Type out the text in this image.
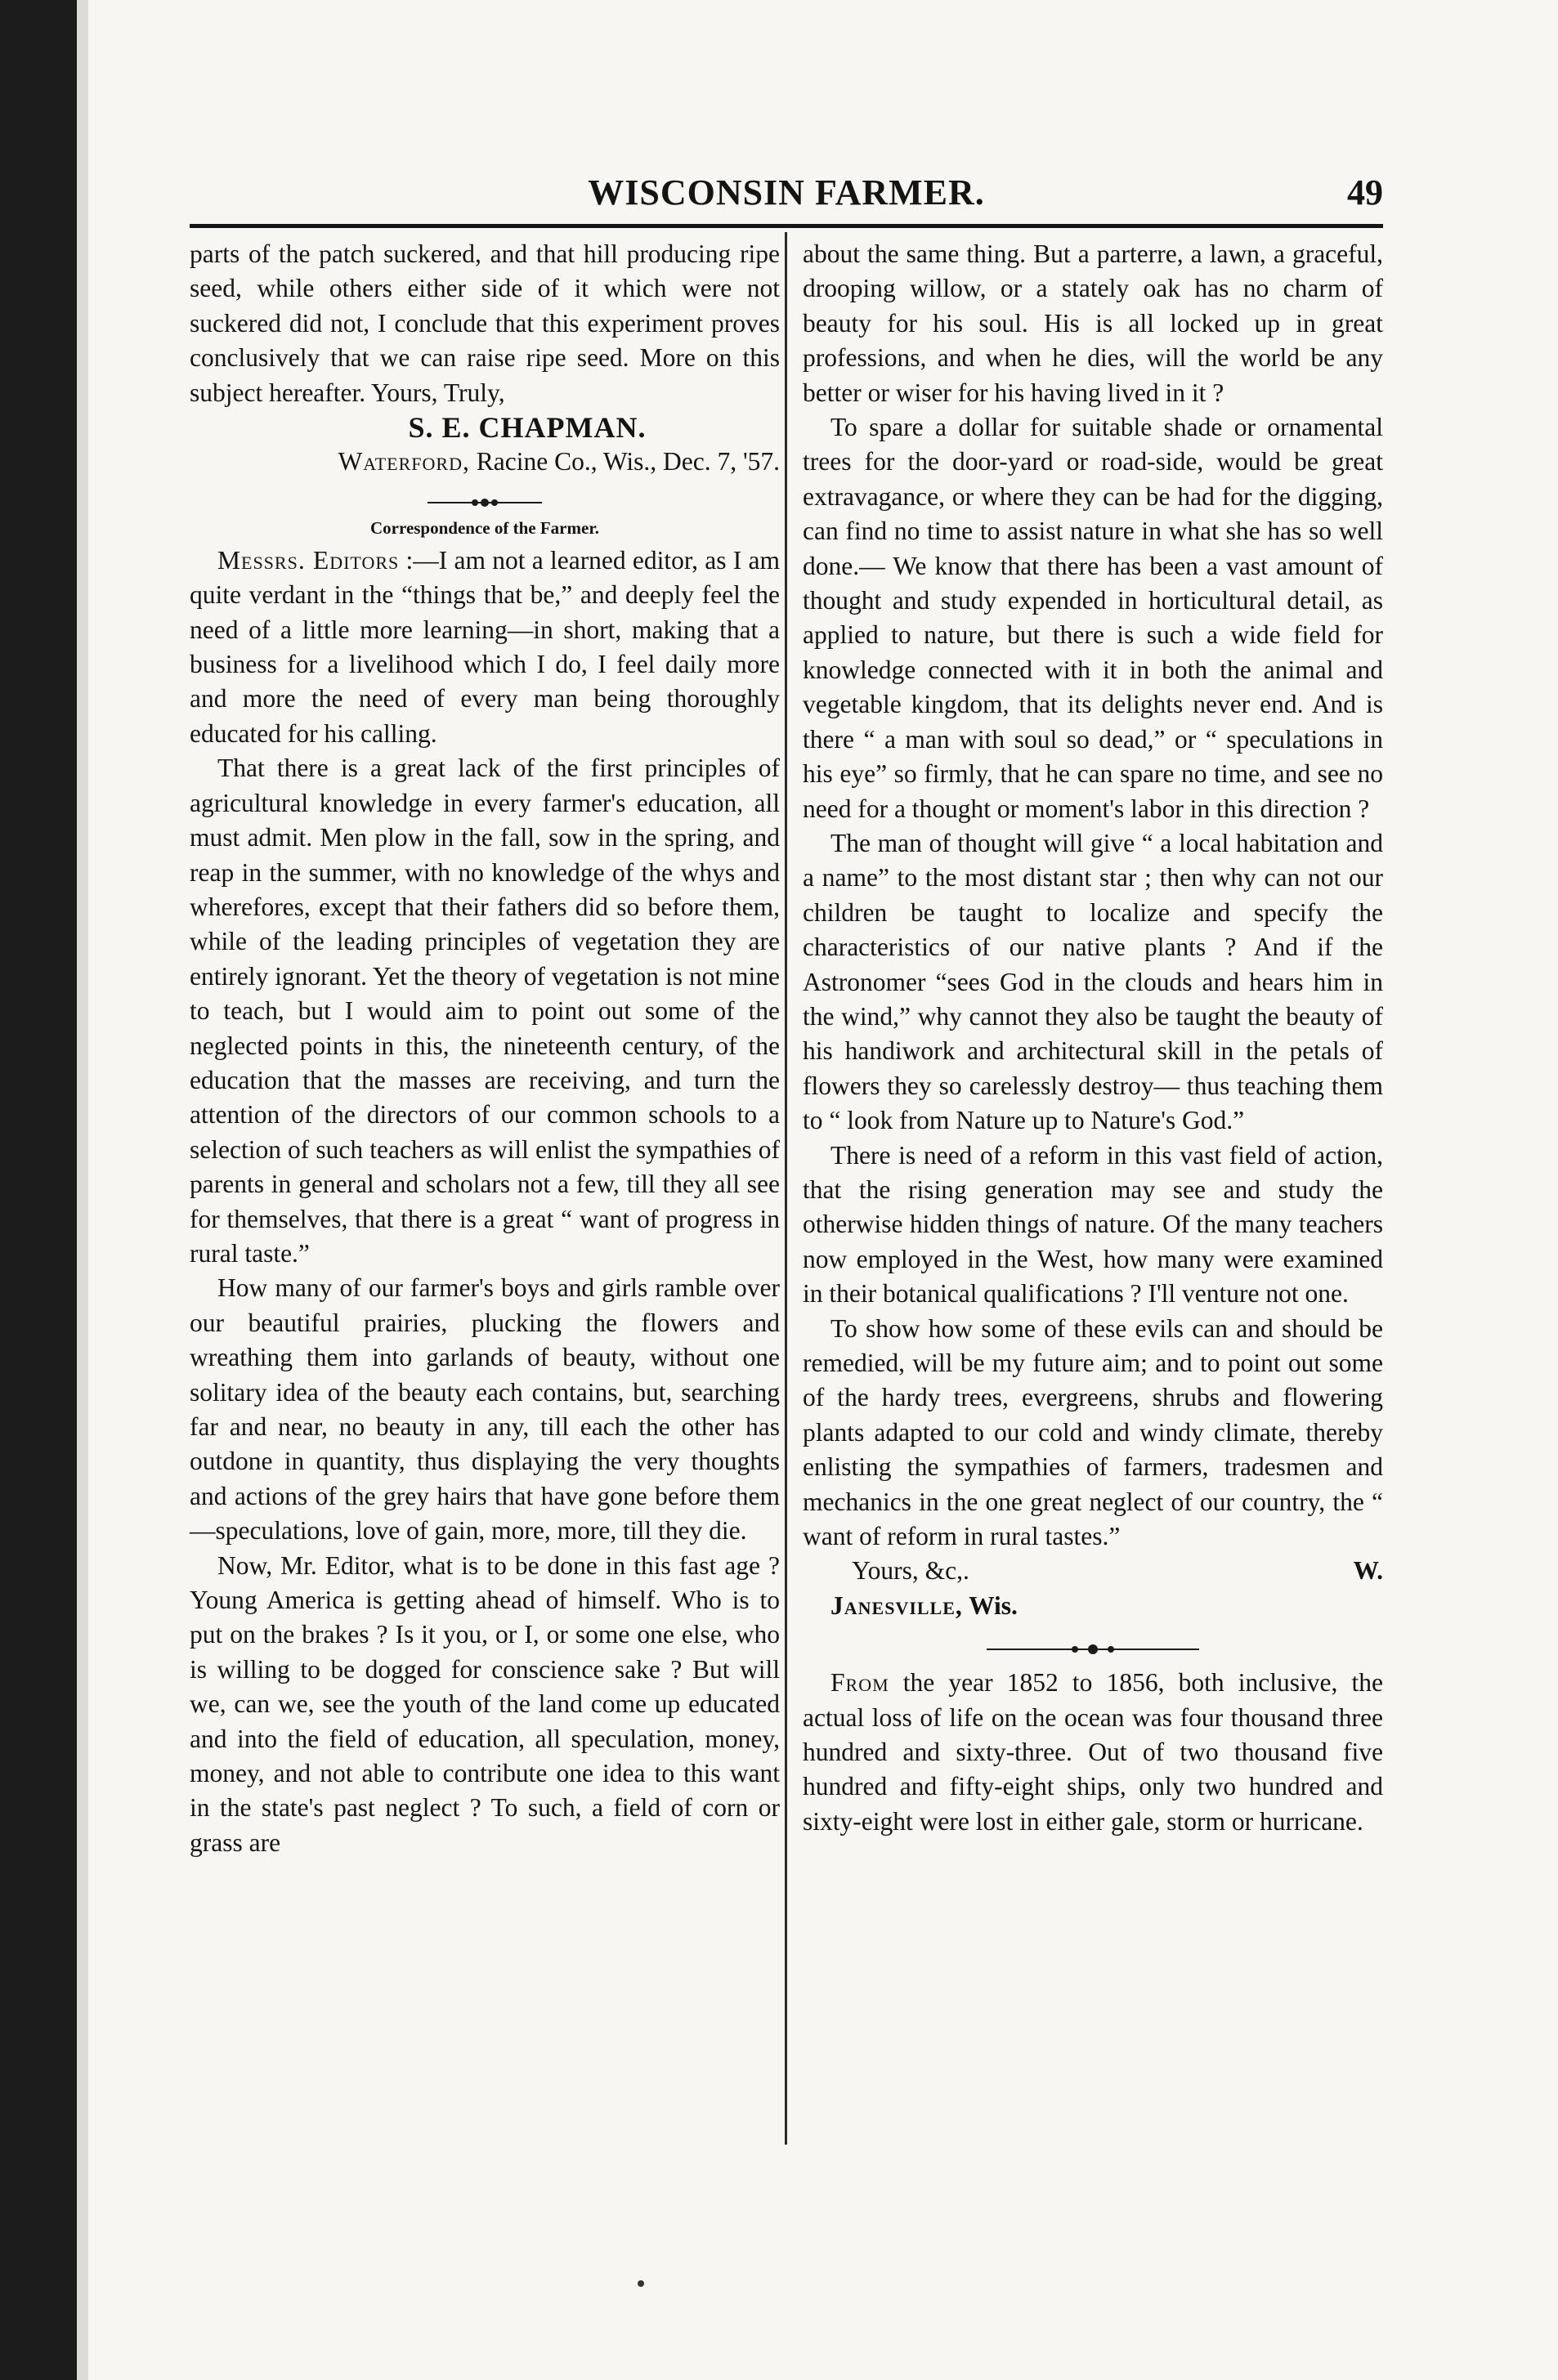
WISCONSIN FARMER.	49

parts of the patch suckered, and that hill producing ripe seed, while others either side of it which were not suckered did not, I conclude that this experiment proves conclusively that we can raise ripe seed. More on this subject hereafter. Yours, Truly,

S. E. CHAPMAN.

Waterford, Racine Co., Wis., Dec. 7, '57.

Correspondence of the Farmer.

Messrs. Editors :—I am not a learned editor, as I am quite verdant in the “things that be,” and deeply feel the need of a little more learning—in short, making that a business for a livelihood which I do, I feel daily more and more the need of every man being thoroughly educated for his calling.

That there is a great lack of the first principles of agricultural knowledge in every farmer's education, all must admit. Men plow in the fall, sow in the spring, and reap in the summer, with no knowledge of the whys and wherefores, except that their fathers did so before them, while of the leading principles of vegetation they are entirely ignorant. Yet the theory of vegetation is not mine to teach, but I would aim to point out some of the neglected points in this, the nineteenth century, of the education that the masses are receiving, and turn the attention of the directors of our common schools to a selection of such teachers as will enlist the sympathies of parents in general and scholars not a few, till they all see for themselves, that there is a great “ want of progress in rural taste.”

How many of our farmer's boys and girls ramble over our beautiful prairies, plucking the flowers and wreathing them into garlands of beauty, without one solitary idea of the beauty each contains, but, searching far and near, no beauty in any, till each the other has outdone in quantity, thus displaying the very thoughts and actions of the grey hairs that have gone before them—speculations, love of gain, more, more, till they die.

Now, Mr. Editor, what is to be done in this fast age ? Young America is getting ahead of himself. Who is to put on the brakes ? Is it you, or I, or some one else, who is willing to be dogged for conscience sake ? But will we, can we, see the youth of the land come up educated and into the field of education, all speculation, money, money, and not able to contribute one idea to this want in the state's past neglect ? To such, a field of corn or grass are

about the same thing. But a parterre, a lawn, a graceful, drooping willow, or a stately oak has no charm of beauty for his soul. His is all locked up in great professions, and when he dies, will the world be any better or wiser for his having lived in it ?

To spare a dollar for suitable shade or ornamental trees for the door-yard or road-side, would be great extravagance, or where they can be had for the digging, can find no time to assist nature in what she has so well done.— We know that there has been a vast amount of thought and study expended in horticultural detail, as applied to nature, but there is such a wide field for knowledge connected with it in both the animal and vegetable kingdom, that its delights never end. And is there “ a man with soul so dead,” or “ speculations in his eye” so firmly, that he can spare no time, and see no need for a thought or moment's labor in this direction ?

The man of thought will give “ a local habitation and a name” to the most distant star ; then why can not our children be taught to localize and specify the characteristics of our native plants ? And if the Astronomer “sees God in the clouds and hears him in the wind,” why cannot they also be taught the beauty of his handiwork and architectural skill in the petals of flowers they so carelessly destroy— thus teaching them to “ look from Nature up to Nature's God.”

There is need of a reform in this vast field of action, that the rising generation may see and study the otherwise hidden things of nature. Of the many teachers now employed in the West, how many were examined in their botanical qualifications ? I'll venture not one.

To show how some of these evils can and should be remedied, will be my future aim; and to point out some of the hardy trees, evergreens, shrubs and flowering plants adapted to our cold and windy climate, thereby enlisting the sympathies of farmers, tradesmen and mechanics in the one great neglect of our country, the “ want of reform in rural tastes.”

Yours, &c,.	W.

Janesville, Wis.

From the year 1852 to 1856, both inclusive, the actual loss of life on the ocean was four thousand three hundred and sixty-three. Out of two thousand five hundred and fifty-eight ships, only two hundred and sixty-eight were lost in either gale, storm or hurricane.
